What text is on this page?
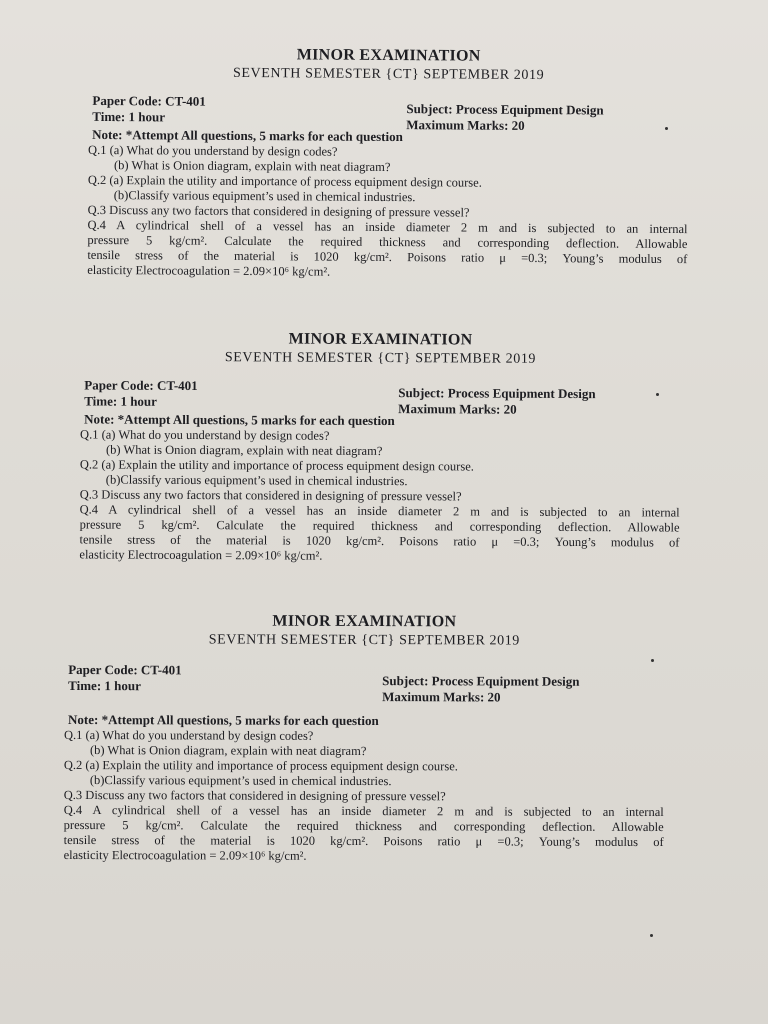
MINOR EXAMINATION

SEVENTH SEMESTER {CT} SEPTEMBER 2019

Paper Code: CT-401
Time: 1 hour	Subject: Process Equipment Design
Maximum Marks: 20

Note: *Attempt All questions, 5 marks for each question

Q.1 (a) What do you understand by design codes?

(b) What is Onion diagram, explain with neat diagram?

Q.2 (a) Explain the utility and importance of process equipment design course.

(b)Classify various equipment’s used in chemical industries.

Q.3 Discuss any two factors that considered in designing of pressure vessel?

Q.4 A cylindrical shell of a vessel has an inside diameter 2 m and is subjected to an internal

pressure 5 kg/cm². Calculate the required thickness and corresponding deflection. Allowable

tensile stress of the material is 1020 kg/cm². Poisons ratio μ =0.3; Young’s modulus of

elasticity Electrocoagulation = 2.09×10⁶ kg/cm².

MINOR EXAMINATION

SEVENTH SEMESTER {CT} SEPTEMBER 2019

Paper Code: CT-401
Time: 1 hour
Subject: Process Equipment Design
Maximum Marks: 20

Note: *Attempt All questions, 5 marks for each question

Q.1 (a) What do you understand by design codes?

(b) What is Onion diagram, explain with neat diagram?

Q.2 (a) Explain the utility and importance of process equipment design course.

(b)Classify various equipment’s used in chemical industries.

Q.3 Discuss any two factors that considered in designing of pressure vessel?

Q.4 A cylindrical shell of a vessel has an inside diameter 2 m and is subjected to an internal

pressure 5 kg/cm². Calculate the required thickness and corresponding deflection. Allowable

tensile stress of the material is 1020 kg/cm². Poisons ratio μ =0.3; Young’s modulus of

elasticity Electrocoagulation = 2.09×10⁶ kg/cm².

MINOR EXAMINATION

SEVENTH SEMESTER {CT} SEPTEMBER 2019

Paper Code: CT-401
Time: 1 hour	Subject: Process Equipment Design
Maximum Marks: 20

Note: *Attempt All questions, 5 marks for each question

Q.1 (a) What do you understand by design codes?

(b) What is Onion diagram, explain with neat diagram?

Q.2 (a) Explain the utility and importance of process equipment design course.

(b)Classify various equipment’s used in chemical industries.

Q.3 Discuss any two factors that considered in designing of pressure vessel?

Q.4 A cylindrical shell of a vessel has an inside diameter 2 m and is subjected to an internal

pressure 5 kg/cm². Calculate the required thickness and corresponding deflection. Allowable

tensile stress of the material is 1020 kg/cm². Poisons ratio μ =0.3; Young’s modulus of

elasticity Electrocoagulation = 2.09×10⁶ kg/cm².
